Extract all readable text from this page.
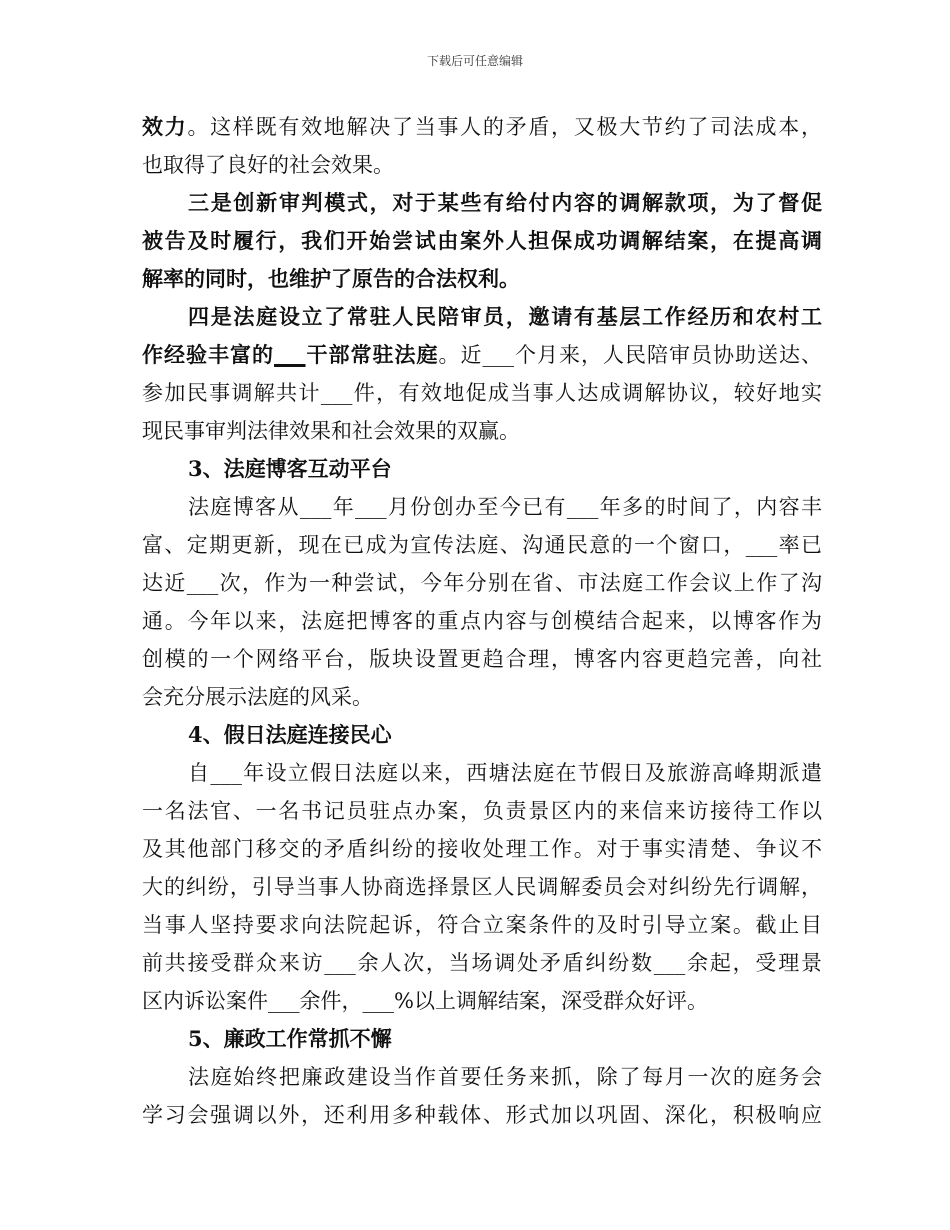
下载后可任意编辑
效力。这样既有效地解决了当事人的矛盾，又极大节约了司法成本，
也取得了良好的社会效果。
三是创新审判模式，对于某些有给付内容的调解款项，为了督促
被告及时履行，我们开始尝试由案外人担保成功调解结案，在提高调
解率的同时，也维护了原告的合法权利。
四是法庭设立了常驻人民陪审员，邀请有基层工作经历和农村工
作经验丰富的___干部常驻法庭。近___个月来，人民陪审员协助送达、
参加民事调解共计___件，有效地促成当事人达成调解协议，较好地实
现民事审判法律效果和社会效果的双赢。
3、法庭博客互动平台
法庭博客从___年___月份创办至今已有___年多的时间了，内容丰
富、定期更新，现在已成为宣传法庭、沟通民意的一个窗口，___率已
达近___次，作为一种尝试，今年分别在省、市法庭工作会议上作了沟
通。今年以来，法庭把博客的重点内容与创模结合起来，以博客作为
创模的一个网络平台，版块设置更趋合理，博客内容更趋完善，向社
会充分展示法庭的风采。
4、假日法庭连接民心
自___年设立假日法庭以来，西塘法庭在节假日及旅游高峰期派遣
一名法官、一名书记员驻点办案，负责景区内的来信来访接待工作以
及其他部门移交的矛盾纠纷的接收处理工作。对于事实清楚、争议不
大的纠纷，引导当事人协商选择景区人民调解委员会对纠纷先行调解，
当事人坚持要求向法院起诉，符合立案条件的及时引导立案。截止目
前共接受群众来访___余人次，当场调处矛盾纠纷数___余起，受理景
区内诉讼案件___余件，___%以上调解结案，深受群众好评。
5、廉政工作常抓不懈
法庭始终把廉政建设当作首要任务来抓，除了每月一次的庭务会
学习会强调以外，还利用多种载体、形式加以巩固、深化，积极响应
